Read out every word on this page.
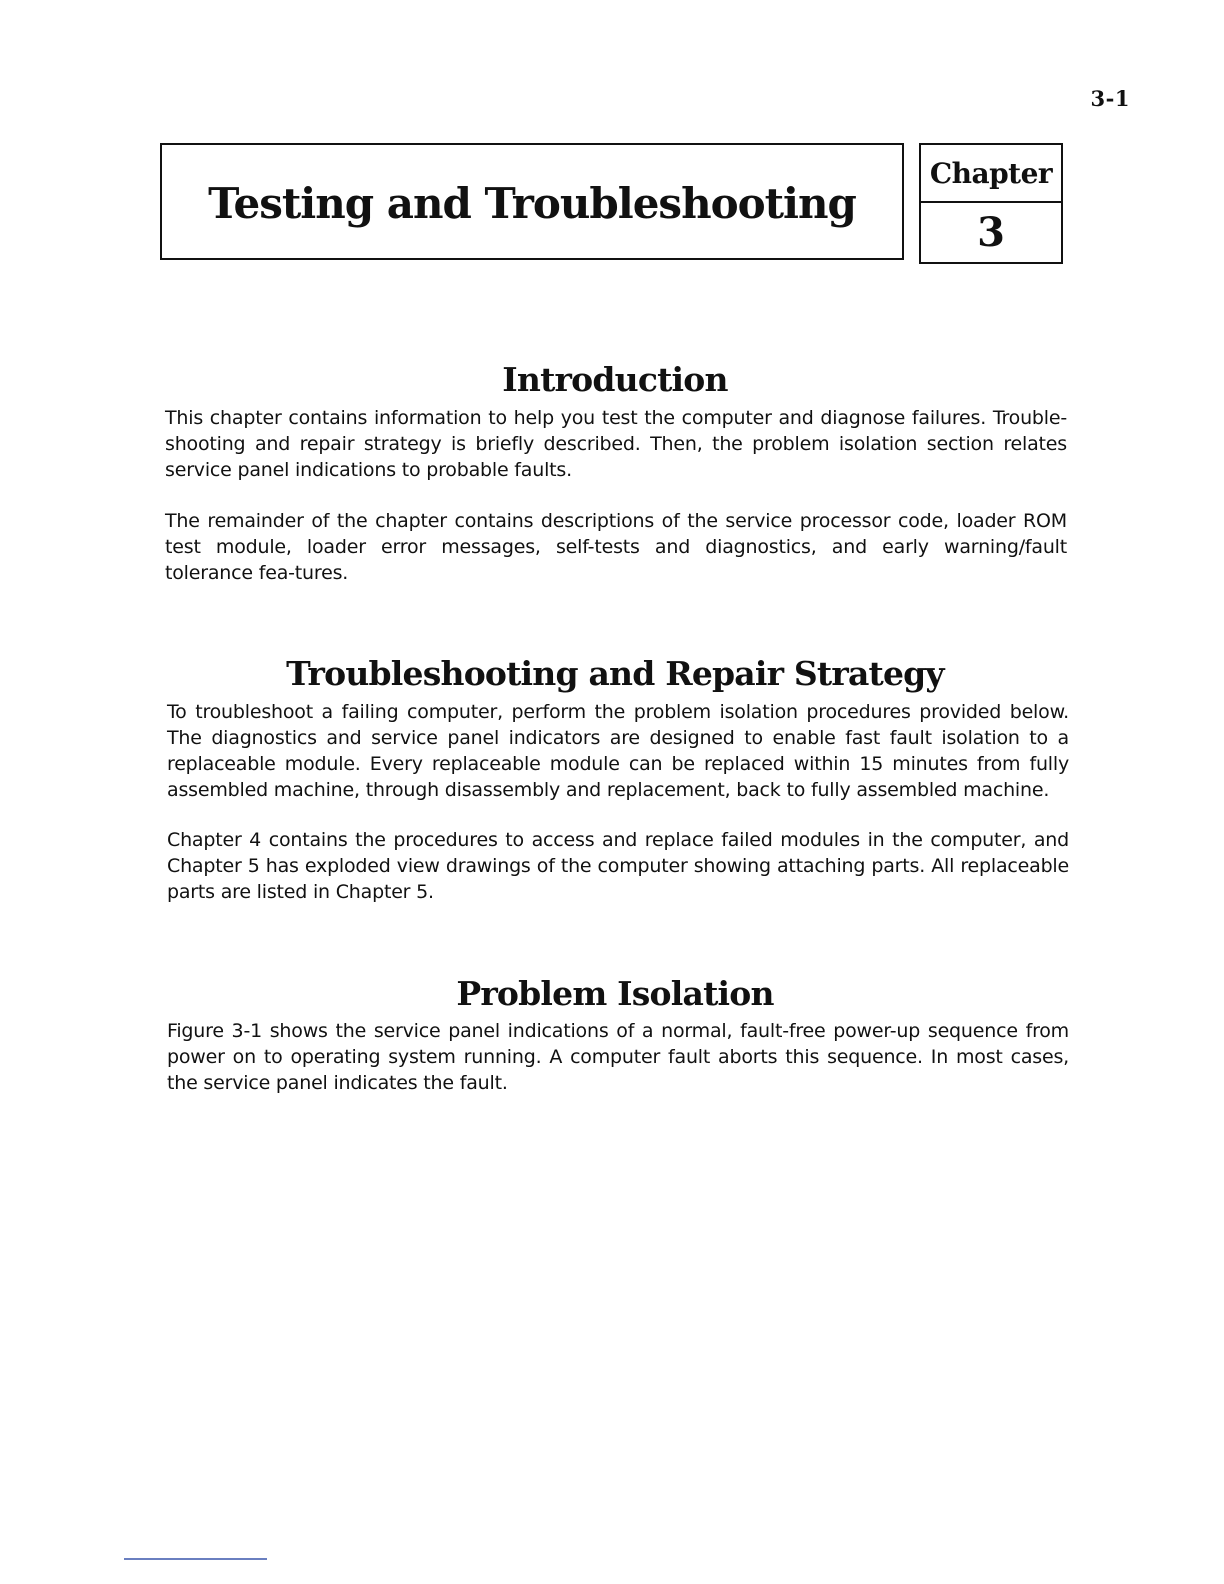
3-1
Testing and Troubleshooting
Chapter
3
Introduction

This chapter contains information to help you test the computer and diagnose failures. Trouble-shooting and repair strategy is briefly described. Then, the problem isolation section relates service panel indications to probable faults.

The remainder of the chapter contains descriptions of the service processor code, loader ROM test module, loader error messages, self-tests and diagnostics, and early warning/fault tolerance fea-tures.

Troubleshooting and Repair Strategy

To troubleshoot a failing computer, perform the problem isolation procedures provided below. The diagnostics and service panel indicators are designed to enable fast fault isolation to a replaceable module. Every replaceable module can be replaced within 15 minutes from fully assembled machine, through disassembly and replacement, back to fully assembled machine.

Chapter 4 contains the procedures to access and replace failed modules in the computer, and Chapter 5 has exploded view drawings of the computer showing attaching parts. All replaceable parts are listed in Chapter 5.

Problem Isolation

Figure 3-1 shows the service panel indications of a normal, fault-free power-up sequence from power on to operating system running. A computer fault aborts this sequence. In most cases, the service panel indicates the fault.
